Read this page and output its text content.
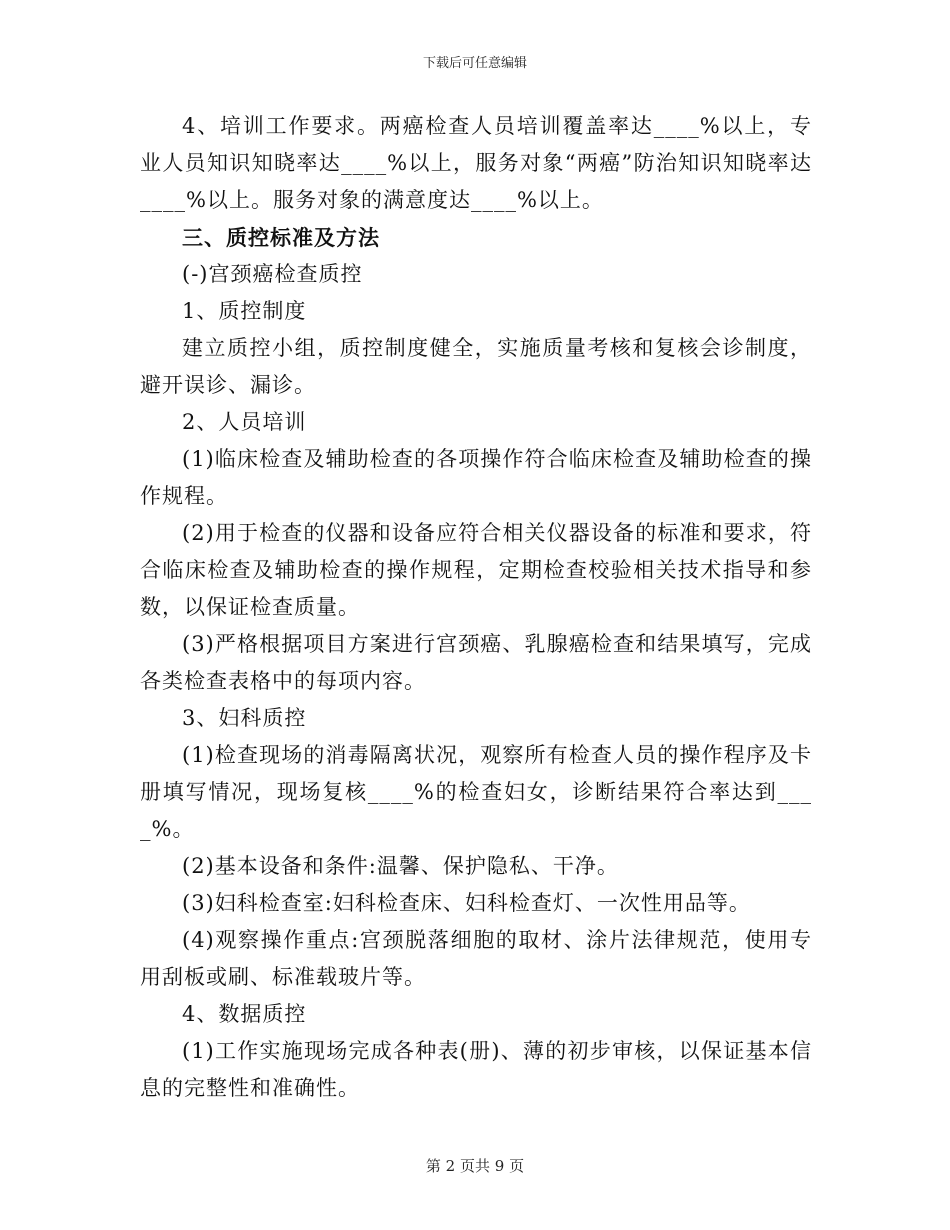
下载后可任意编辑

4、培训工作要求。两癌检查人员培训覆盖率达____%以上，专业人员知识知晓率达____%以上，服务对象“两癌”防治知识知晓率达____%以上。服务对象的满意度达____%以上。

三、质控标准及方法

(-)宫颈癌检查质控

1、质控制度

建立质控小组，质控制度健全，实施质量考核和复核会诊制度，避开误诊、漏诊。

2、人员培训

(1)临床检查及辅助检查的各项操作符合临床检查及辅助检查的操作规程。

(2)用于检查的仪器和设备应符合相关仪器设备的标准和要求，符合临床检查及辅助检查的操作规程，定期检查校验相关技术指导和参数，以保证检查质量。

(3)严格根据项目方案进行宫颈癌、乳腺癌检查和结果填写，完成各类检查表格中的每项内容。

3、妇科质控

(1)检查现场的消毒隔离状况，观察所有检查人员的操作程序及卡册填写情况，现场复核____%的检查妇女，诊断结果符合率达到____%。

(2)基本设备和条件:温馨、保护隐私、干净。

(3)妇科检查室:妇科检查床、妇科检查灯、一次性用品等。

(4)观察操作重点:宫颈脱落细胞的取材、涂片法律规范，使用专用刮板或刷、标准载玻片等。

4、数据质控

(1)工作实施现场完成各种表(册)、薄的初步审核，以保证基本信息的完整性和准确性。

第 2 页共 9 页
